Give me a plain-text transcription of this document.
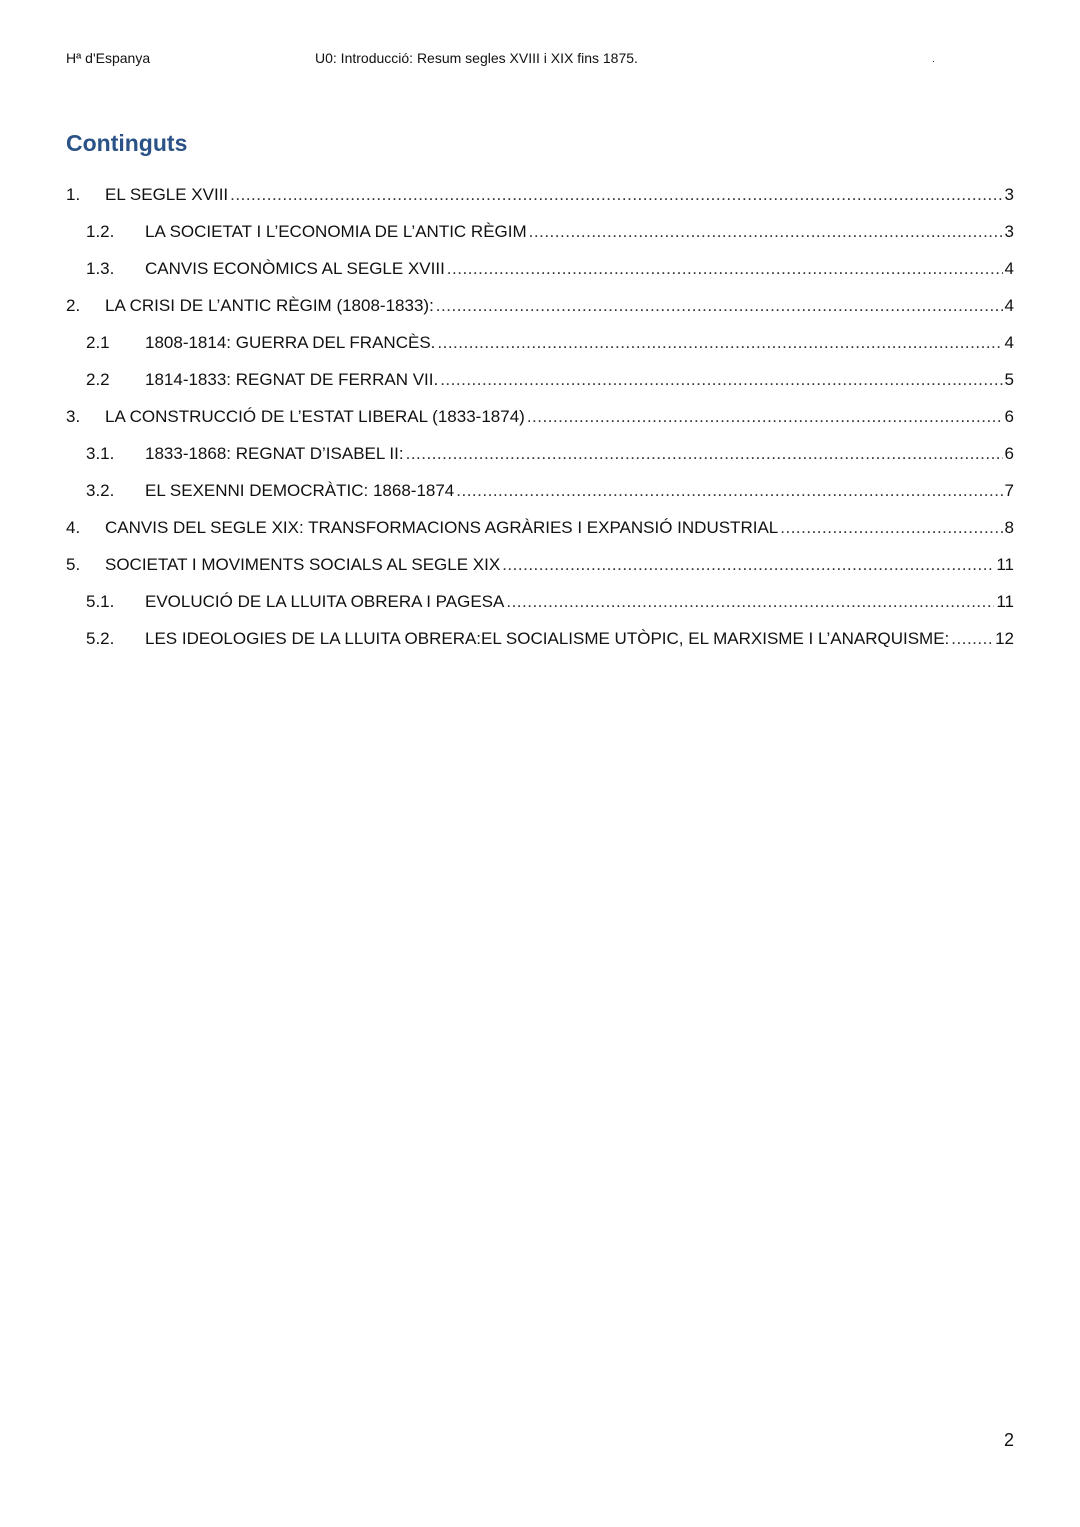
Hª d'Espanya	U0: Introducció: Resum segles XVIII i XIX fins 1875.	.
Continguts
1.	EL SEGLE XVIII .....	3
1.2.	LA SOCIETAT I L’ECONOMIA DE L’ANTIC RÈGIM .....	3
1.3.	CANVIS ECONÒMICS AL SEGLE XVIII .....	4
2.	LA CRISI DE L’ANTIC RÈGIM (1808-1833): .....	4
2.1	1808-1814: GUERRA DEL FRANCÈS. .....	4
2.2	1814-1833: REGNAT DE FERRAN VII. .....	5
3.	LA CONSTRUCCIÓ DE L’ESTAT LIBERAL (1833-1874) .....	6
3.1.	1833-1868: REGNAT D’ISABEL II: .....	6
3.2.	EL SEXENNI DEMOCRÀTIC: 1868-1874 .....	7
4.	CANVIS DEL SEGLE XIX: TRANSFORMACIONS AGRÀRIES I EXPANSIÓ INDUSTRIAL .....	8
5.	SOCIETAT I MOVIMENTS SOCIALS AL SEGLE XIX .....	11
5.1.	EVOLUCIÓ DE LA LLUITA OBRERA I PAGESA .....	11
5.2.	LES IDEOLOGIES DE LA LLUITA OBRERA:EL SOCIALISME UTÒPIC, EL MARXISME I L’ANARQUISME: .....	12
2
